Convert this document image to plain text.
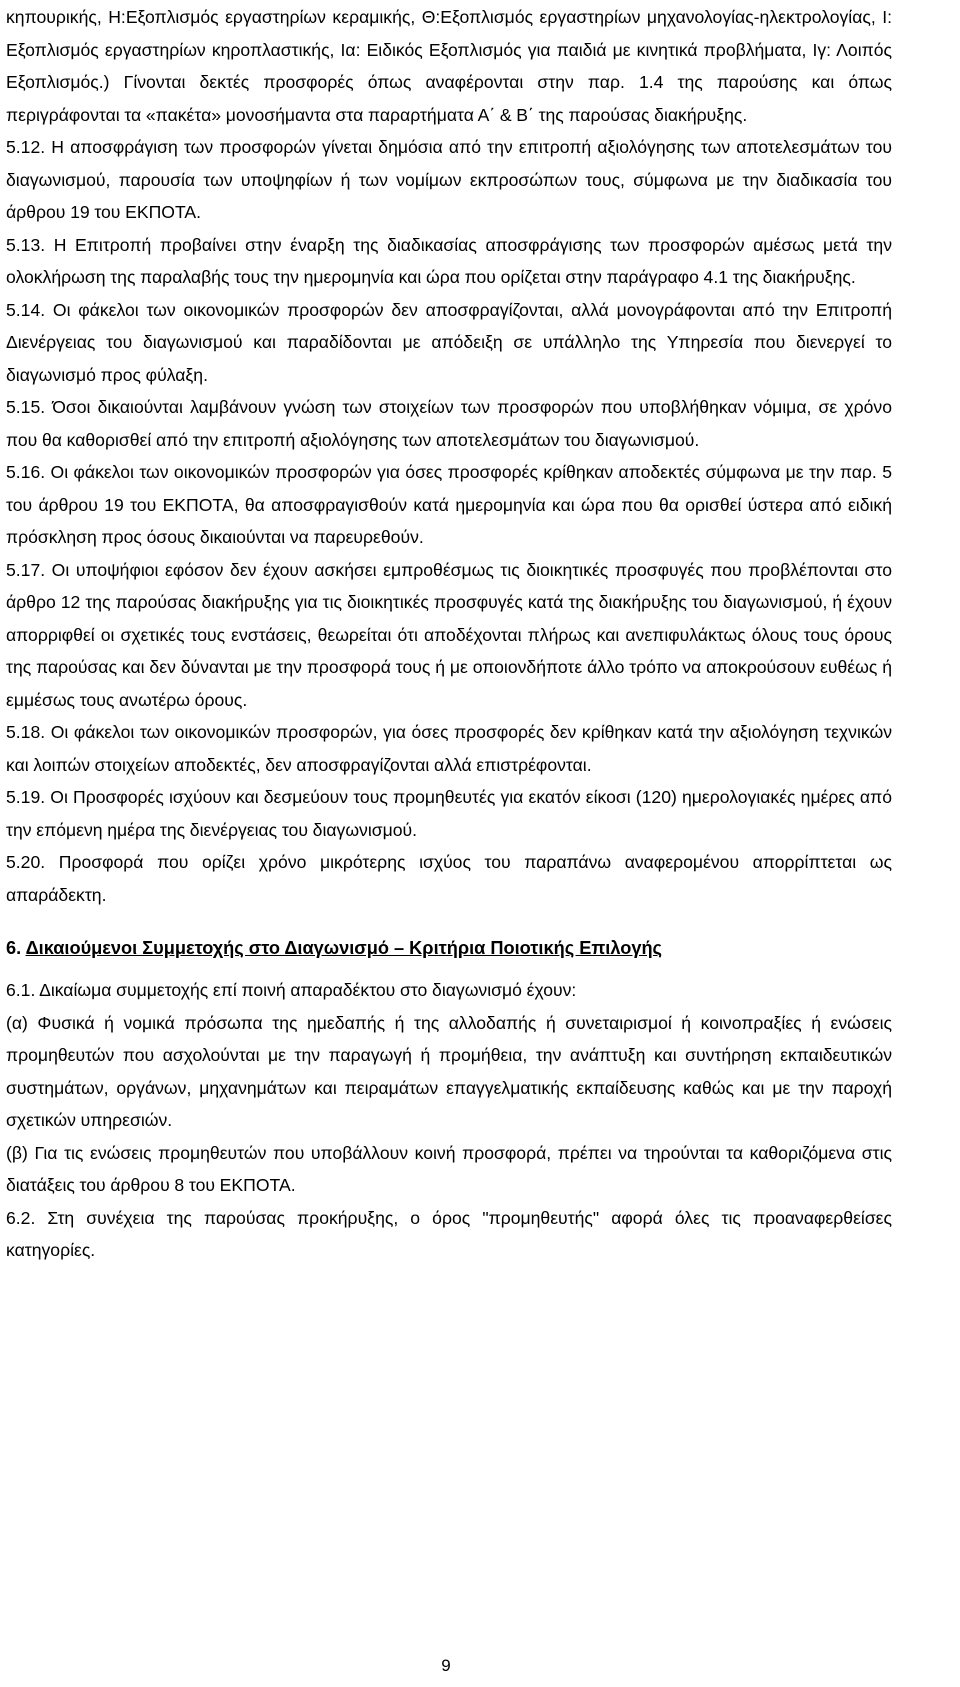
κηπουρικής, Η:Εξοπλισμός εργαστηρίων κεραμικής, Θ:Εξοπλισμός εργαστηρίων μηχανολογίας-ηλεκτρολογίας, Ι: Εξοπλισμός εργαστηρίων κηροπλαστικής, Ια: Ειδικός Εξοπλισμός για παιδιά με κινητικά προβλήματα, Ιγ: Λοιπός Εξοπλισμός.) Γίνονται δεκτές προσφορές όπως αναφέρονται στην παρ. 1.4 της παρούσης και όπως περιγράφονται τα «πακέτα» μονοσήμαντα στα παραρτήματα Α΄ & Β΄ της παρούσας διακήρυξης.

5.12. Η αποσφράγιση των προσφορών γίνεται δημόσια από την επιτροπή αξιολόγησης των αποτελεσμάτων του διαγωνισμού, παρουσία των υποψηφίων ή των νομίμων εκπροσώπων τους, σύμφωνα με την διαδικασία του άρθρου 19 του ΕΚΠΟΤΑ.

5.13. Η Επιτροπή προβαίνει στην έναρξη της διαδικασίας αποσφράγισης των προσφορών αμέσως μετά την ολοκλήρωση της παραλαβής τους την ημερομηνία και ώρα που ορίζεται στην παράγραφο 4.1 της διακήρυξης.

5.14. Οι φάκελοι των οικονομικών προσφορών δεν αποσφραγίζονται, αλλά μονογράφονται από την Επιτροπή Διενέργειας του διαγωνισμού και παραδίδονται με απόδειξη σε υπάλληλο της Υπηρεσία που διενεργεί το διαγωνισμό προς φύλαξη.

5.15. Όσοι δικαιούνται λαμβάνουν γνώση των στοιχείων των προσφορών που υποβλήθηκαν νόμιμα, σε χρόνο που θα καθορισθεί από την επιτροπή αξιολόγησης των αποτελεσμάτων του διαγωνισμού.

5.16. Οι φάκελοι των οικονομικών προσφορών για όσες προσφορές κρίθηκαν αποδεκτές σύμφωνα με την παρ. 5 του άρθρου 19 του ΕΚΠΟΤΑ, θα αποσφραγισθούν κατά ημερομηνία και ώρα που θα ορισθεί ύστερα από ειδική πρόσκληση προς όσους δικαιούνται να παρευρεθούν.

5.17. Οι υποψήφιοι εφόσον δεν έχουν ασκήσει εμπροθέσμως τις διοικητικές προσφυγές που προβλέπονται στο άρθρο 12 της παρούσας διακήρυξης για τις διοικητικές προσφυγές κατά της διακήρυξης του διαγωνισμού, ή έχουν απορριφθεί οι σχετικές τους ενστάσεις, θεωρείται ότι αποδέχονται πλήρως και ανεπιφυλάκτως όλους τους όρους της παρούσας και δεν δύνανται με την προσφορά τους ή με οποιονδήποτε άλλο τρόπο να αποκρούσουν ευθέως ή εμμέσως τους ανωτέρω όρους.

5.18. Οι φάκελοι των οικονομικών προσφορών, για όσες προσφορές δεν κρίθηκαν κατά την αξιολόγηση τεχνικών και λοιπών στοιχείων αποδεκτές, δεν αποσφραγίζονται αλλά επιστρέφονται.

5.19. Οι Προσφορές ισχύουν και δεσμεύουν τους προμηθευτές για εκατόν είκοσι (120) ημερολογιακές ημέρες από την επόμενη ημέρα της διενέργειας του διαγωνισμού.

5.20. Προσφορά που ορίζει χρόνο μικρότερης ισχύος του παραπάνω αναφερομένου απορρίπτεται ως απαράδεκτη.

6. Δικαιούμενοι Συμμετοχής στο Διαγωνισμό – Κριτήρια Ποιοτικής Επιλογής

6.1. Δικαίωμα συμμετοχής επί ποινή απαραδέκτου στο διαγωνισμό έχουν:

(α) Φυσικά ή νομικά πρόσωπα της ημεδαπής ή της αλλοδαπής ή συνεταιρισμοί ή κοινοπραξίες ή ενώσεις προμηθευτών που ασχολούνται με την παραγωγή ή προμήθεια, την ανάπτυξη και συντήρηση εκπαιδευτικών συστημάτων, οργάνων, μηχανημάτων και πειραμάτων επαγγελματικής εκπαίδευσης καθώς και με την παροχή σχετικών υπηρεσιών.

(β) Για τις ενώσεις προμηθευτών που υποβάλλουν κοινή προσφορά, πρέπει να τηρούνται τα καθοριζόμενα στις διατάξεις του άρθρου 8 του ΕΚΠΟΤΑ.

6.2. Στη συνέχεια της παρούσας προκήρυξης, ο όρος "προμηθευτής" αφορά όλες τις προαναφερθείσες κατηγορίες.

9
